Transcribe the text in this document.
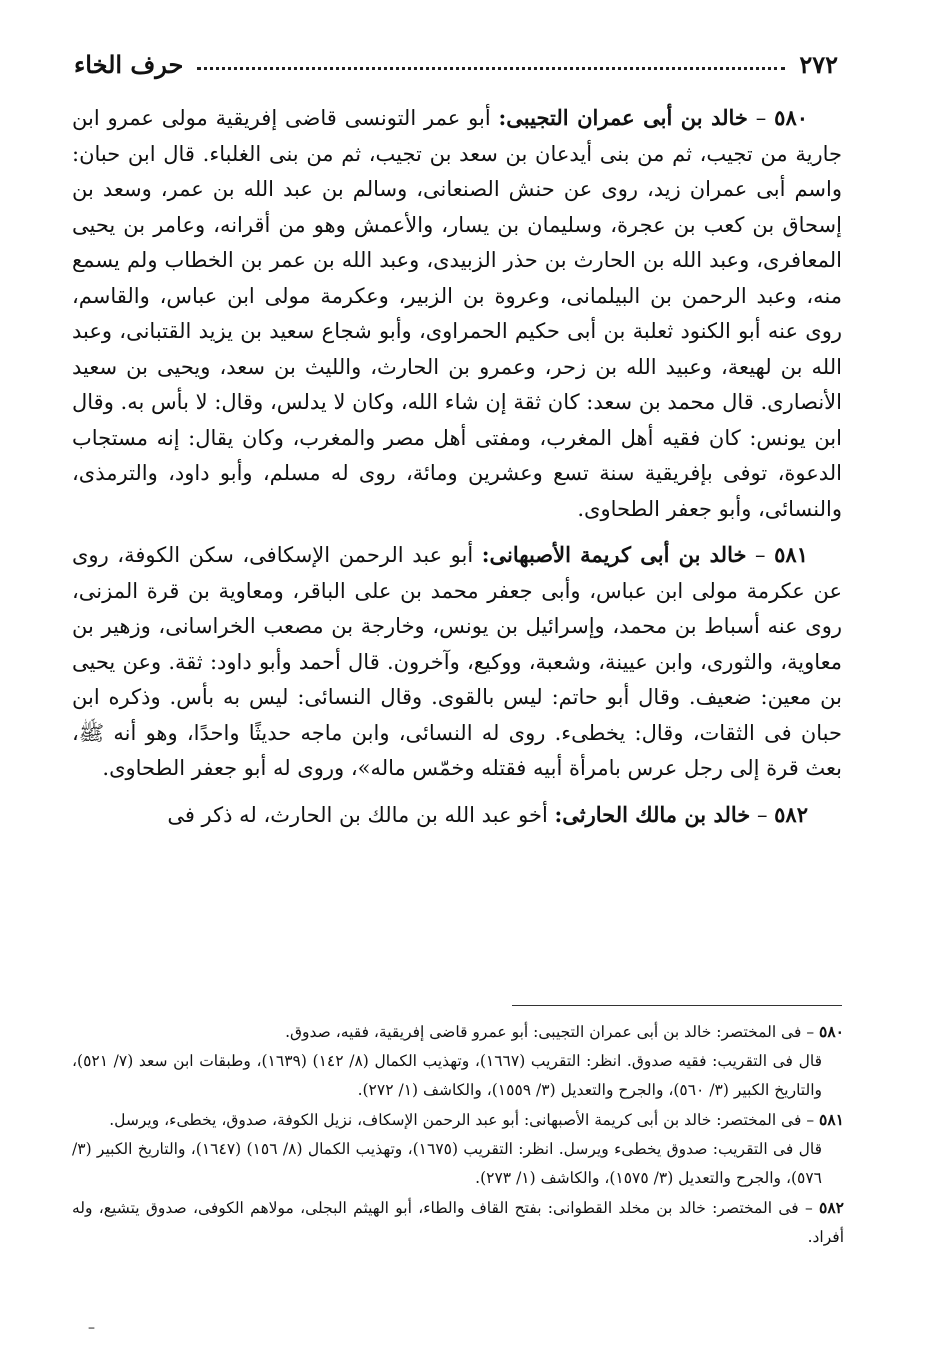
٢٧٢
حرف الخاء

٥٨٠ – خالد بن أبى عمران التجيبى: أبو عمر التونسى قاضى إفريقية مولى عمرو ابن جارية من تجيب، ثم من بنى أيدعان بن سعد بن تجيب، ثم من بنى الغلباء. قال ابن حبان: واسم أبى عمران زيد، روى عن حنش الصنعانى، وسالم بن عبد الله بن عمر، وسعد بن إسحاق بن كعب بن عجرة، وسليمان بن يسار، والأعمش وهو من أقرانه، وعامر بن يحيى المعافرى، وعبد الله بن الحارث بن حذر الزبيدى، وعبد الله بن عمر بن الخطاب ولم يسمع منه، وعبد الرحمن بن البيلمانى، وعروة بن الزبير، وعكرمة مولى ابن عباس، والقاسم، روى عنه أبو الكنود ثعلبة بن أبى حكيم الحمراوى، وأبو شجاع سعيد بن يزيد القتبانى، وعبد الله بن لهيعة، وعبيد الله بن زحر، وعمرو بن الحارث، والليث بن سعد، ويحيى بن سعيد الأنصارى. قال محمد بن سعد: كان ثقة إن شاء الله، وكان لا يدلس، وقال: لا بأس به. وقال ابن يونس: كان فقيه أهل المغرب، ومفتى أهل مصر والمغرب، وكان يقال: إنه مستجاب الدعوة، توفى بإفريقية سنة تسع وعشرين ومائة، روى له مسلم، وأبو داود، والترمذى، والنسائى، وأبو جعفر الطحاوى.

٥٨١ – خالد بن أبى كريمة الأصبهانى: أبو عبد الرحمن الإسكافى، سكن الكوفة، روى عن عكرمة مولى ابن عباس، وأبى جعفر محمد بن على الباقر، ومعاوية بن قرة المزنى، روى عنه أسباط بن محمد، وإسرائيل بن يونس، وخارجة بن مصعب الخراسانى، وزهير بن معاوية، والثورى، وابن عيينة، وشعبة، ووكيع، وآخرون. قال أحمد وأبو داود: ثقة. وعن يحيى بن معين: ضعيف. وقال أبو حاتم: ليس بالقوى. وقال النسائى: ليس به بأس. وذكره ابن حبان فى الثقات، وقال: يخطىء. روى له النسائى، وابن ماجه حديثًا واحدًا، وهو أنه ﷺ، بعث قرة إلى رجل عرس بامرأة أبيه فقتله وخمّس ماله»، وروى له أبو جعفر الطحاوى.

٥٨٢ – خالد بن مالك الحارثى: أخو عبد الله بن مالك بن الحارث، له ذكر فى

٥٨٠ – فى المختصر: خالد بن أبى عمران التجيبى: أبو عمرو قاضى إفريقية، فقيه، صدوق.

قال فى التقريب: فقيه صدوق. انظر: التقريب (١٦٦٧)، وتهذيب الكمال (٨/ ١٤٢) (١٦٣٩)، وطبقات ابن سعد (٧/ ٥٢١)، والتاريخ الكبير (٣/ ٥٦٠)، والجرح والتعديل (٣/ ١٥٥٩)، والكاشف (١/ ٢٧٢).

٥٨١ – فى المختصر: خالد بن أبى كريمة الأصبهانى: أبو عبد الرحمن الإسكاف، نزيل الكوفة، صدوق، يخطىء، ويرسل.

قال فى التقريب: صدوق يخطىء ويرسل. انظر: التقريب (١٦٧٥)، وتهذيب الكمال (٨/ ١٥٦) (١٦٤٧)، والتاريخ الكبير (٣/ ٥٧٦)، والجرح والتعديل (٣/ ١٥٧٥)، والكاشف (١/ ٢٧٣).

٥٨٢ – فى المختصر: خالد بن مخلد القطوانى: بفتح القاف والطاء، أبو الهيثم البجلى، مولاهم الكوفى، صدوق يتشيع، وله أفراد.

–
